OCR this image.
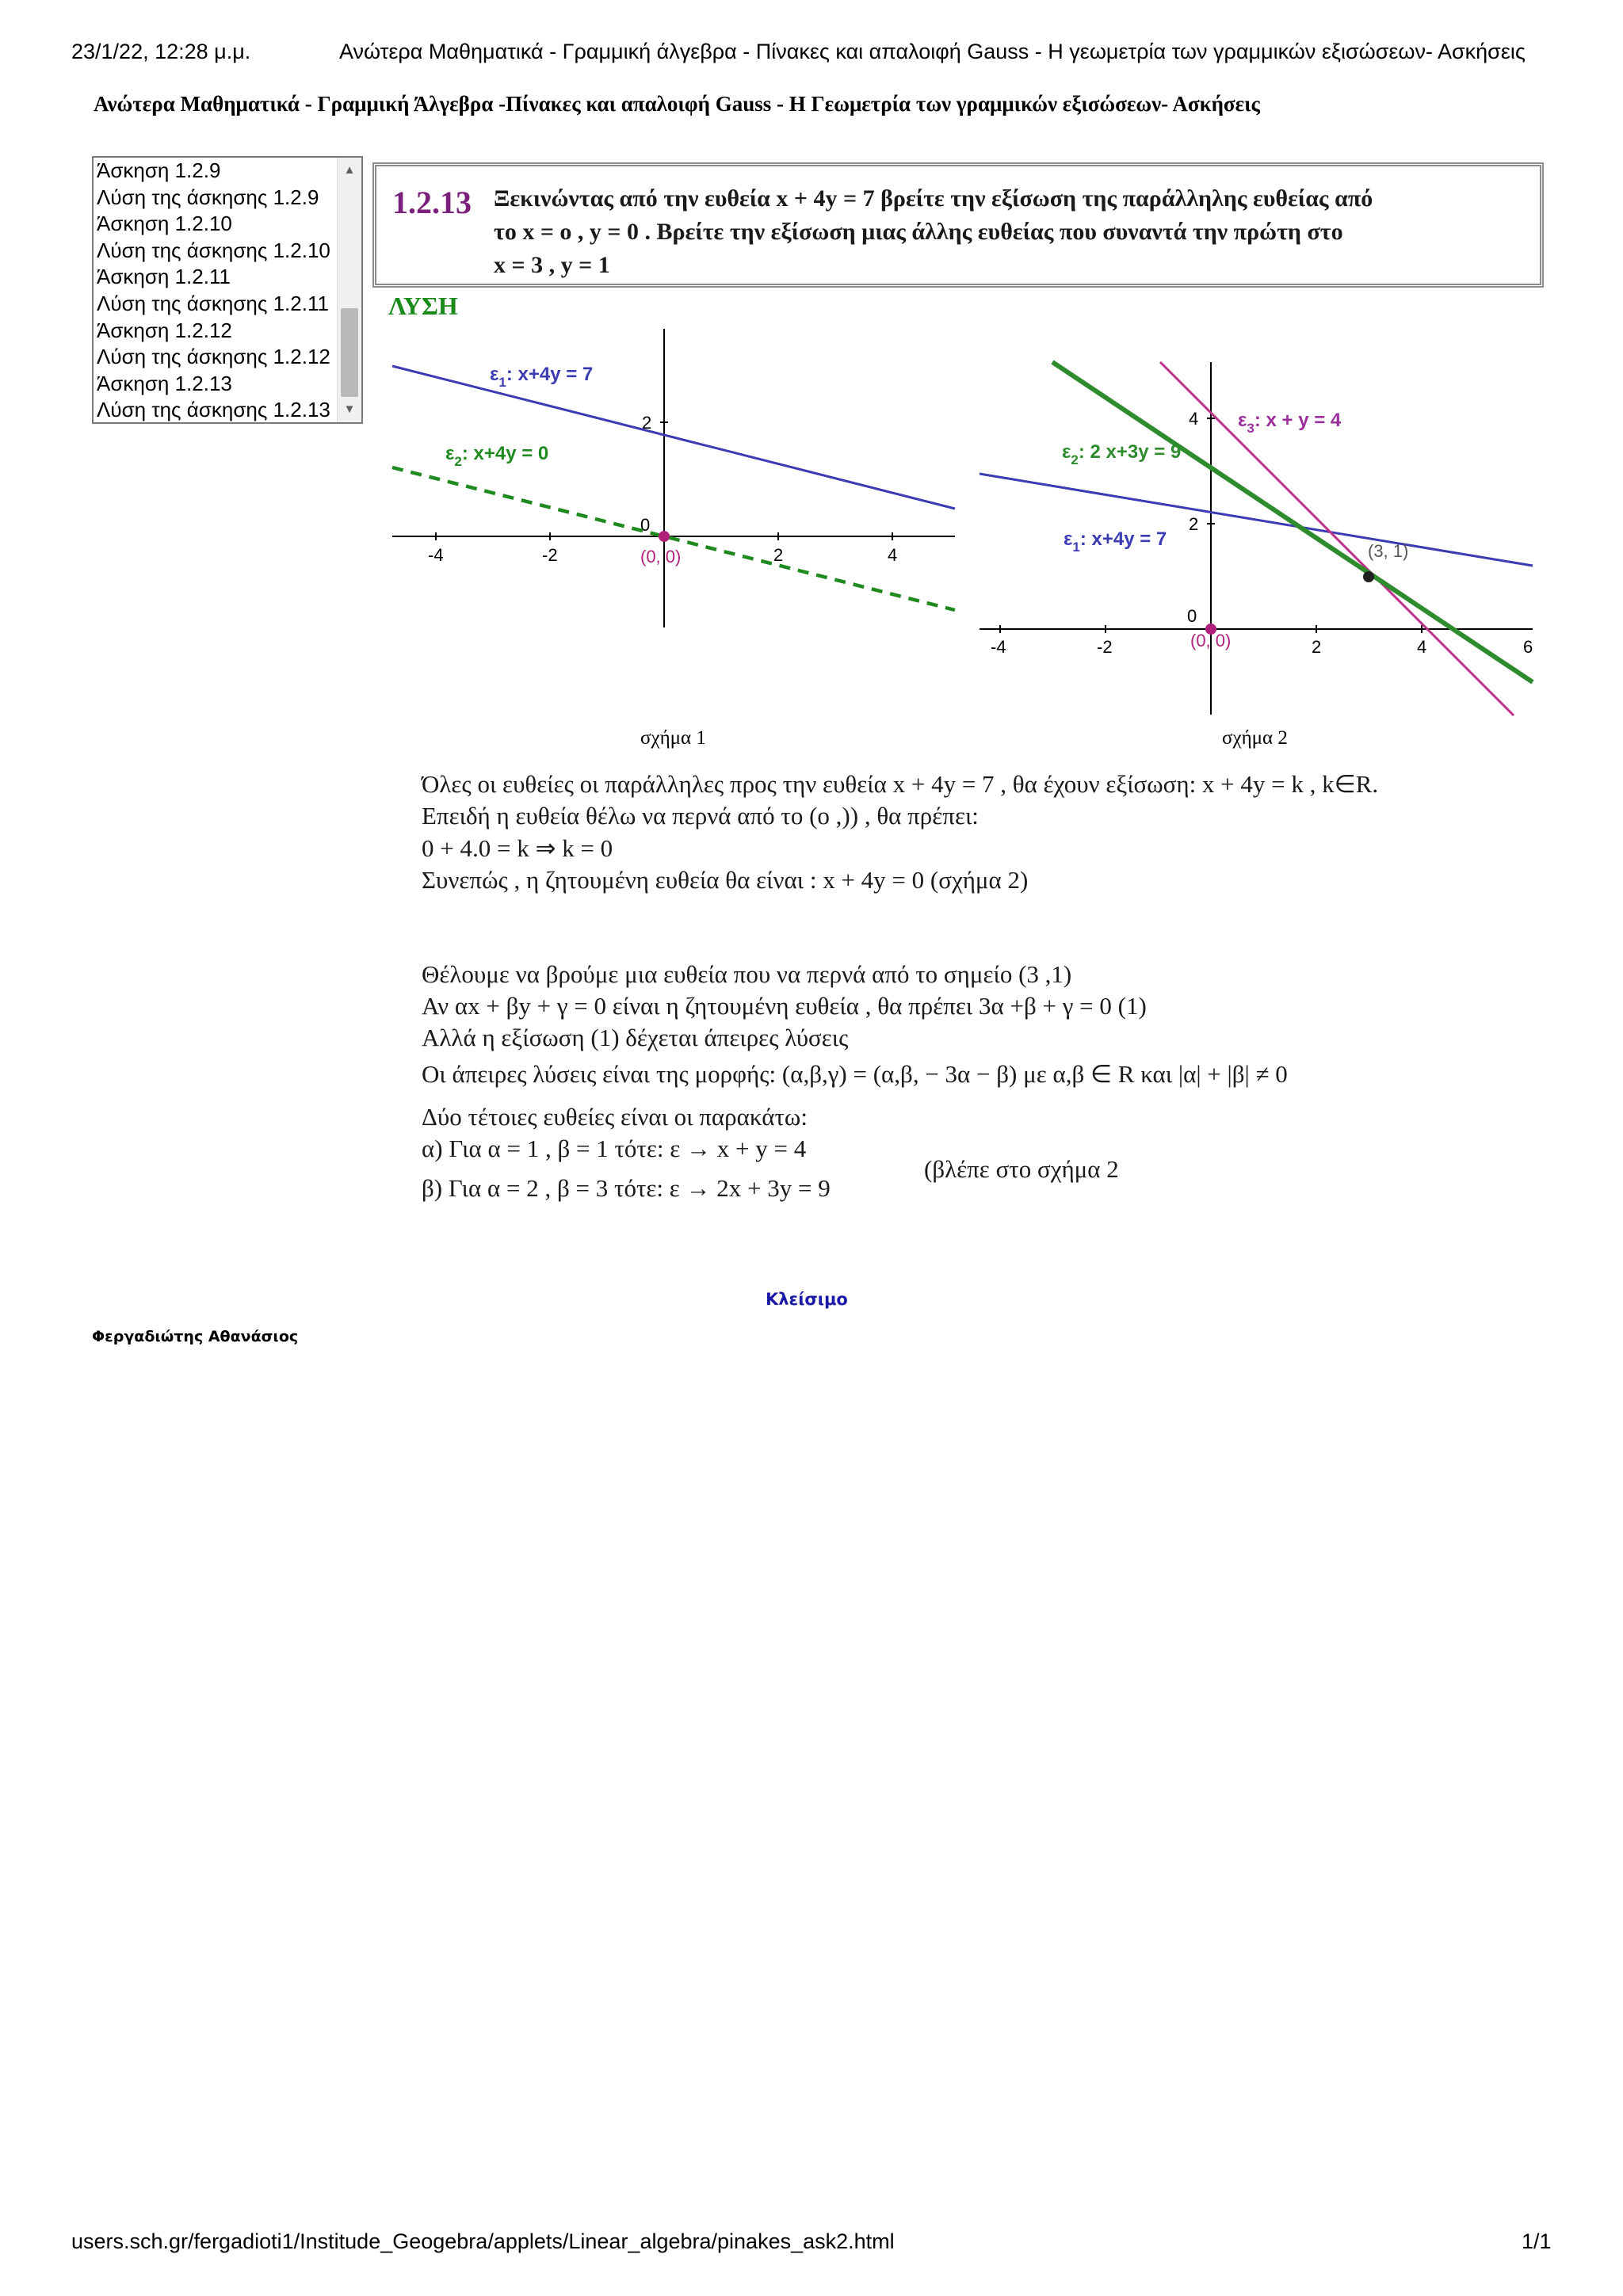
23/1/22, 12:28 μ.μ.	Ανώτερα Μαθηματικά - Γραμμική άλγεβρα - Πίνακες και απαλοιφή Gauss - Η γεωμετρία των γραμμικών εξισώσεων- Ασκήσεις
Ανώτερα Μαθηματικά - Γραμμική Άλγεβρα -Πίνακες και απαλοιφή Gauss - Η Γεωμετρία των γραμμικών εξισώσεων- Ασκήσεις
Άσκηση 1.2.9
Λύση της άσκησης 1.2.9
Άσκηση 1.2.10
Λύση της άσκησης 1.2.10
Άσκηση 1.2.11
Λύση της άσκησης 1.2.11
Άσκηση 1.2.12
Λύση της άσκησης 1.2.12
Άσκηση 1.2.13
Λύση της άσκησης 1.2.13
▲
▼
1.2.13 Ξεκινώντας από την ευθεία x + 4y = 7 βρείτε την εξίσωση της παράλληλης ευθείας από
το x = o , y = 0 . Βρείτε την εξίσωση μιας άλλης ευθείας που συναντά την πρώτη στο
x = 3 , y = 1
ΛΥΣΗ
-4	-2	2	4
2
0
$\varepsilon_1$: x+4y = 7
$\varepsilon_2$: x+4y = 0
(0, 0)
σχήμα 1
-4	-2	2	4	6
2
4
0
$\varepsilon_3$: x + y = 4
$\varepsilon_2$: 2 x+3y = 9
$\varepsilon_1$: x+4y = 7
(0, 0)
(3, 1)
σχήμα 2
Όλες οι ευθείες οι παράλληλες προς την ευθεία x + 4y = 7 , θα έχουν εξίσωση: x + 4y = k , k∈R.
Επειδή η ευθεία θέλω να περνά από το (ο ,)) , θα πρέπει:
0 + 4.0 = k ⇒ k = 0
Συνεπώς , η ζητουμένη ευθεία θα είναι : x + 4y = 0 (σχήμα 2)
Θέλουμε να βρούμε μια ευθεία που να περνά από το σημείο (3 ,1)
Αν αx + βy + γ = 0 είναι η ζητουμένη ευθεία , θα πρέπει 3α +β + γ = 0 (1)
Αλλά η εξίσωση (1) δέχεται άπειρες λύσεις
Οι άπειρες λύσεις είναι της μορφής: (α,β,γ) = (α,β, − 3α − β) με α,β ∈ R και |α| + |β| ≠ 0
Δύο τέτοιες ευθείες είναι οι παρακάτω:
α) Για α = 1 , β = 1 τότε: ε → x + y = 4
β) Για α = 2 , β = 3 τότε: ε → 2x + 3y = 9
(βλέπε στο σχήμα 2
Κλείσιμο
Φεργαδιώτης Αθανάσιος
users.sch.gr/fergadioti1/Institude_Geogebra/applets/Linear_algebra/pinakes_ask2.html	1/1
